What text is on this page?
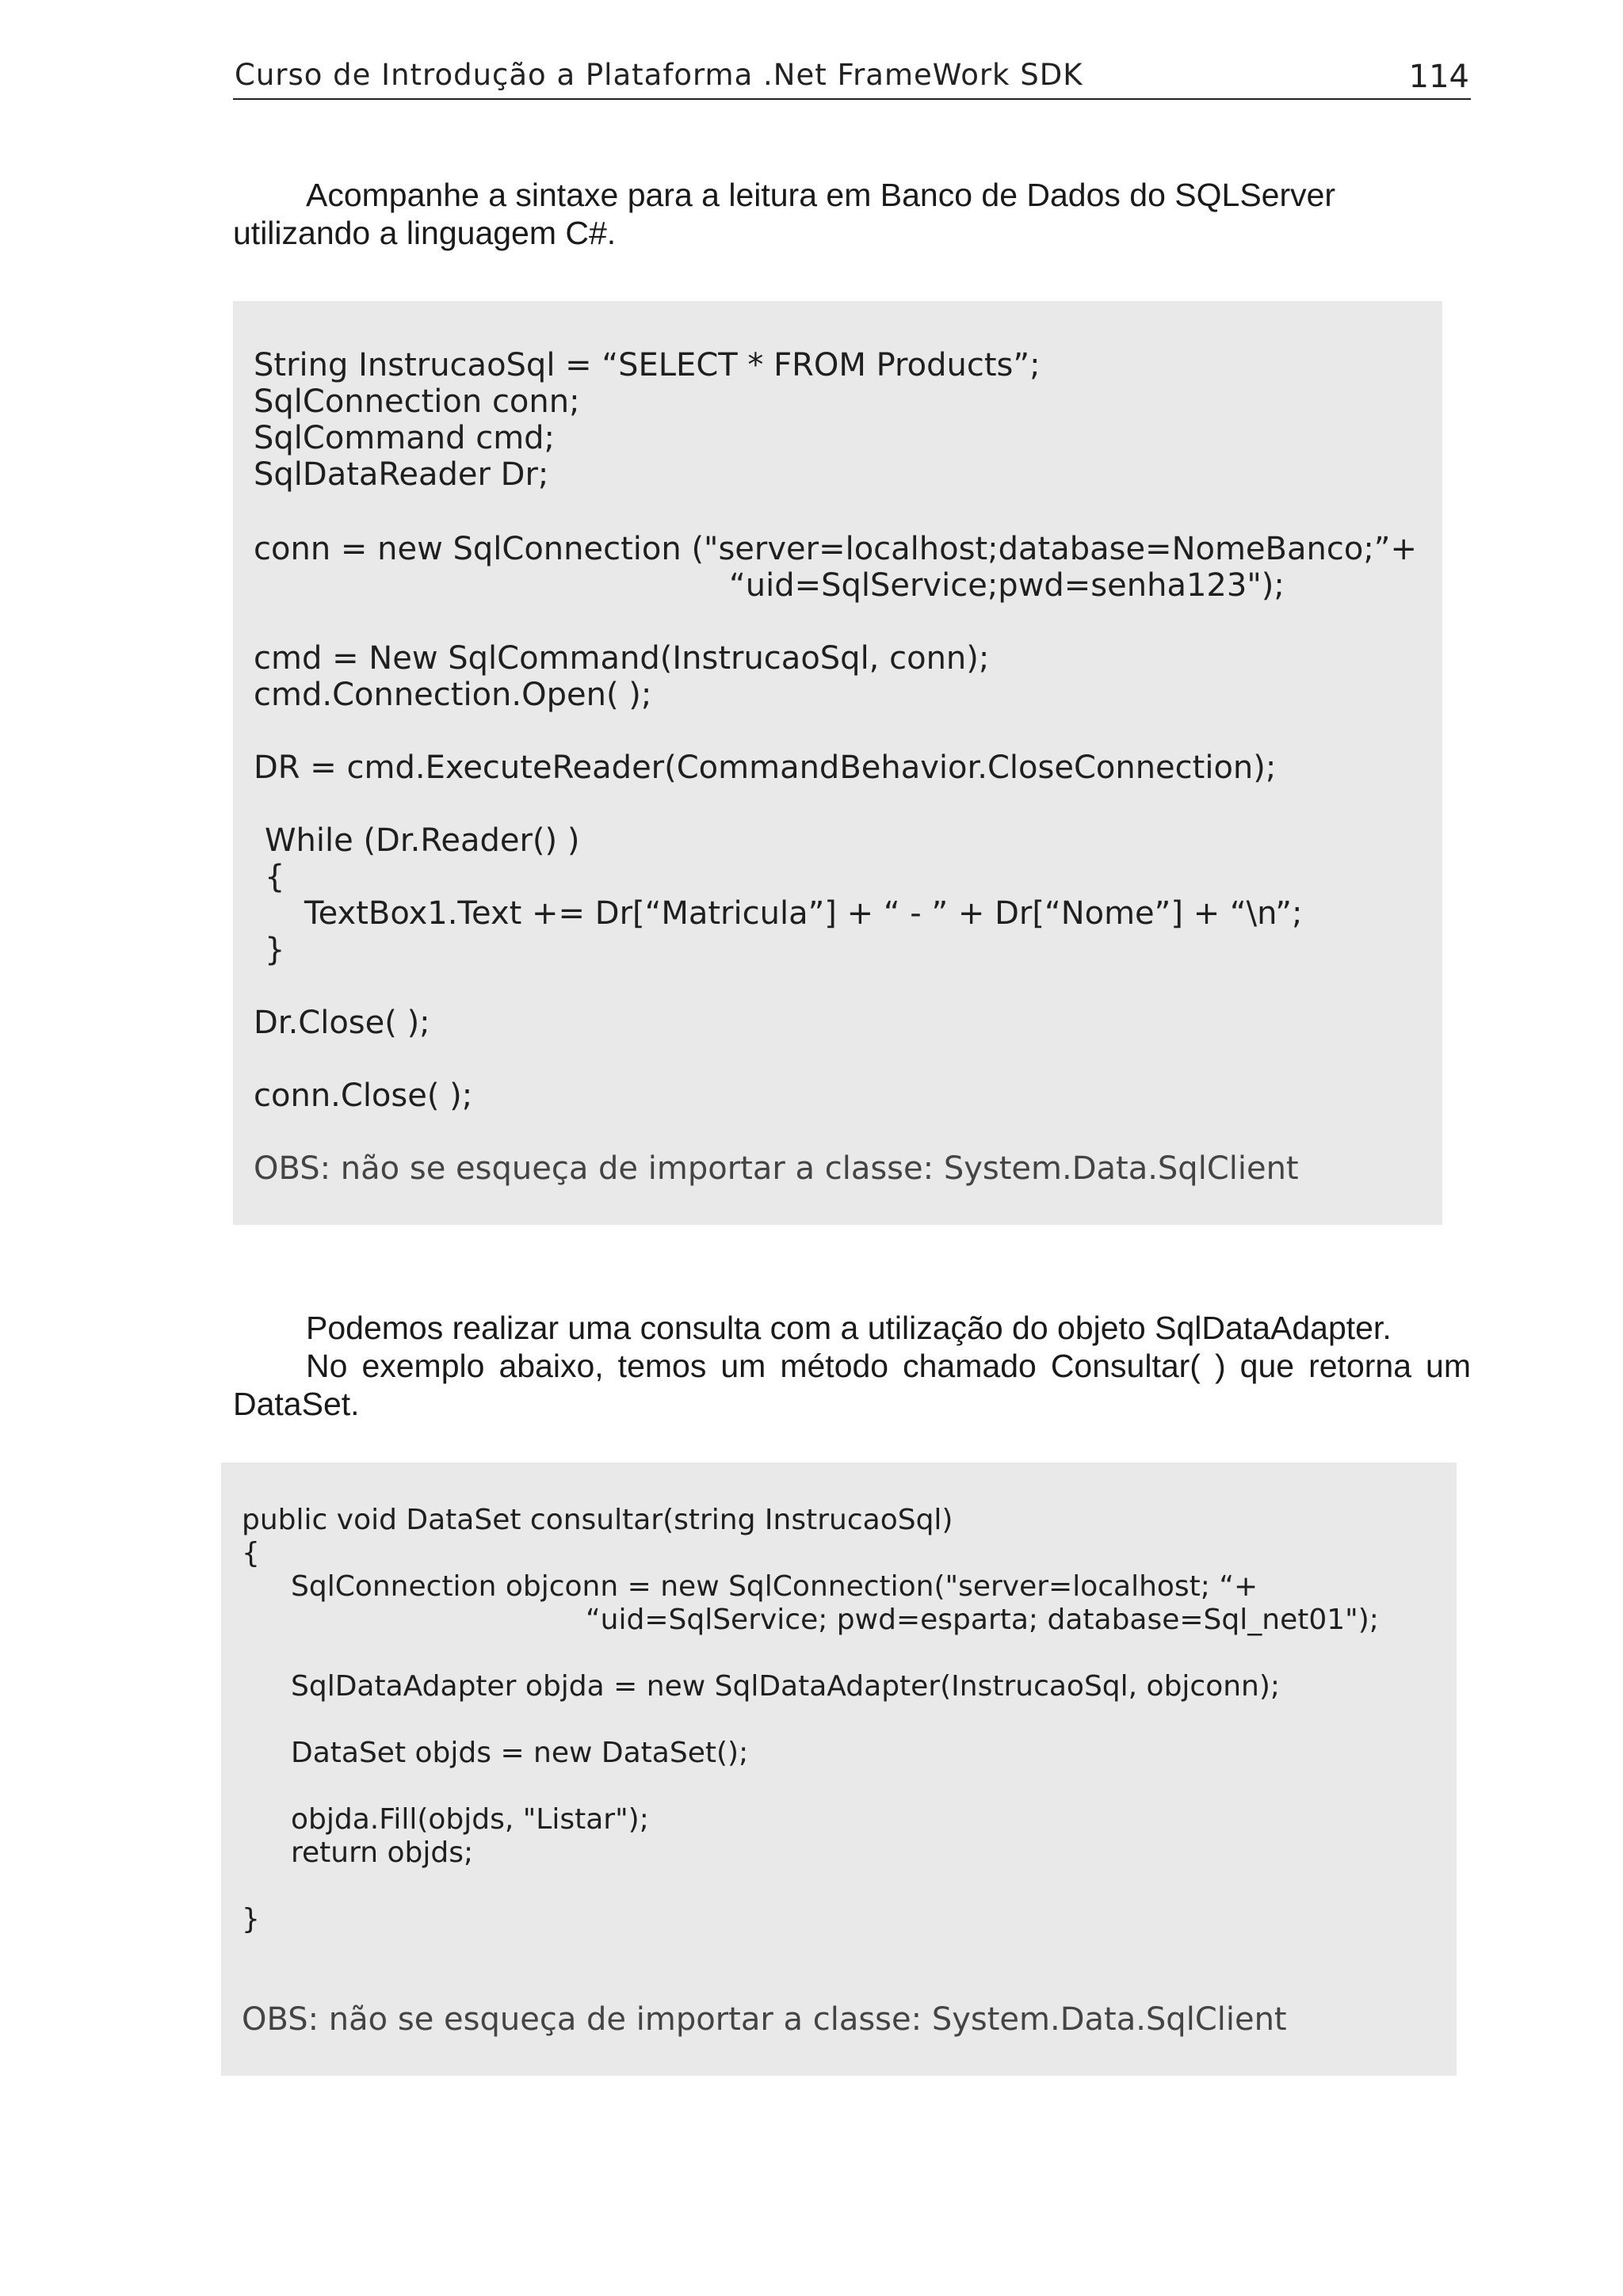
Curso de Introdução a Plataforma .Net FrameWork SDK	114

Acompanhe a sintaxe para a leitura em Banco de Dados do SQLServer utilizando a linguagem C#.

String InstrucaoSql = “SELECT * FROM Products”;
SqlConnection conn;
SqlCommand cmd;
SqlDataReader Dr;
conn = new SqlConnection ("server=localhost;database=NomeBanco;”+
“uid=SqlService;pwd=senha123");
cmd = New SqlCommand(InstrucaoSql, conn);
cmd.Connection.Open( );
DR = cmd.ExecuteReader(CommandBehavior.CloseConnection);
While (Dr.Reader() )
{
TextBox1.Text += Dr[“Matricula”] + “ - ” + Dr[“Nome”] + “\n”;
}
Dr.Close( );
conn.Close( );
OBS: não se esqueça de importar a classe: System.Data.SqlClient

Podemos realizar uma consulta com a utilização do objeto SqlDataAdapter.

No exemplo abaixo, temos um método chamado Consultar( ) que retorna um DataSet.

public void DataSet consultar(string InstrucaoSql)
{
SqlConnection objconn = new SqlConnection("server=localhost; “+
“uid=SqlService; pwd=esparta; database=Sql_net01");
SqlDataAdapter objda = new SqlDataAdapter(InstrucaoSql, objconn);
DataSet objds = new DataSet();
objda.Fill(objds, "Listar");
return objds;
}
OBS: não se esqueça de importar a classe: System.Data.SqlClient
